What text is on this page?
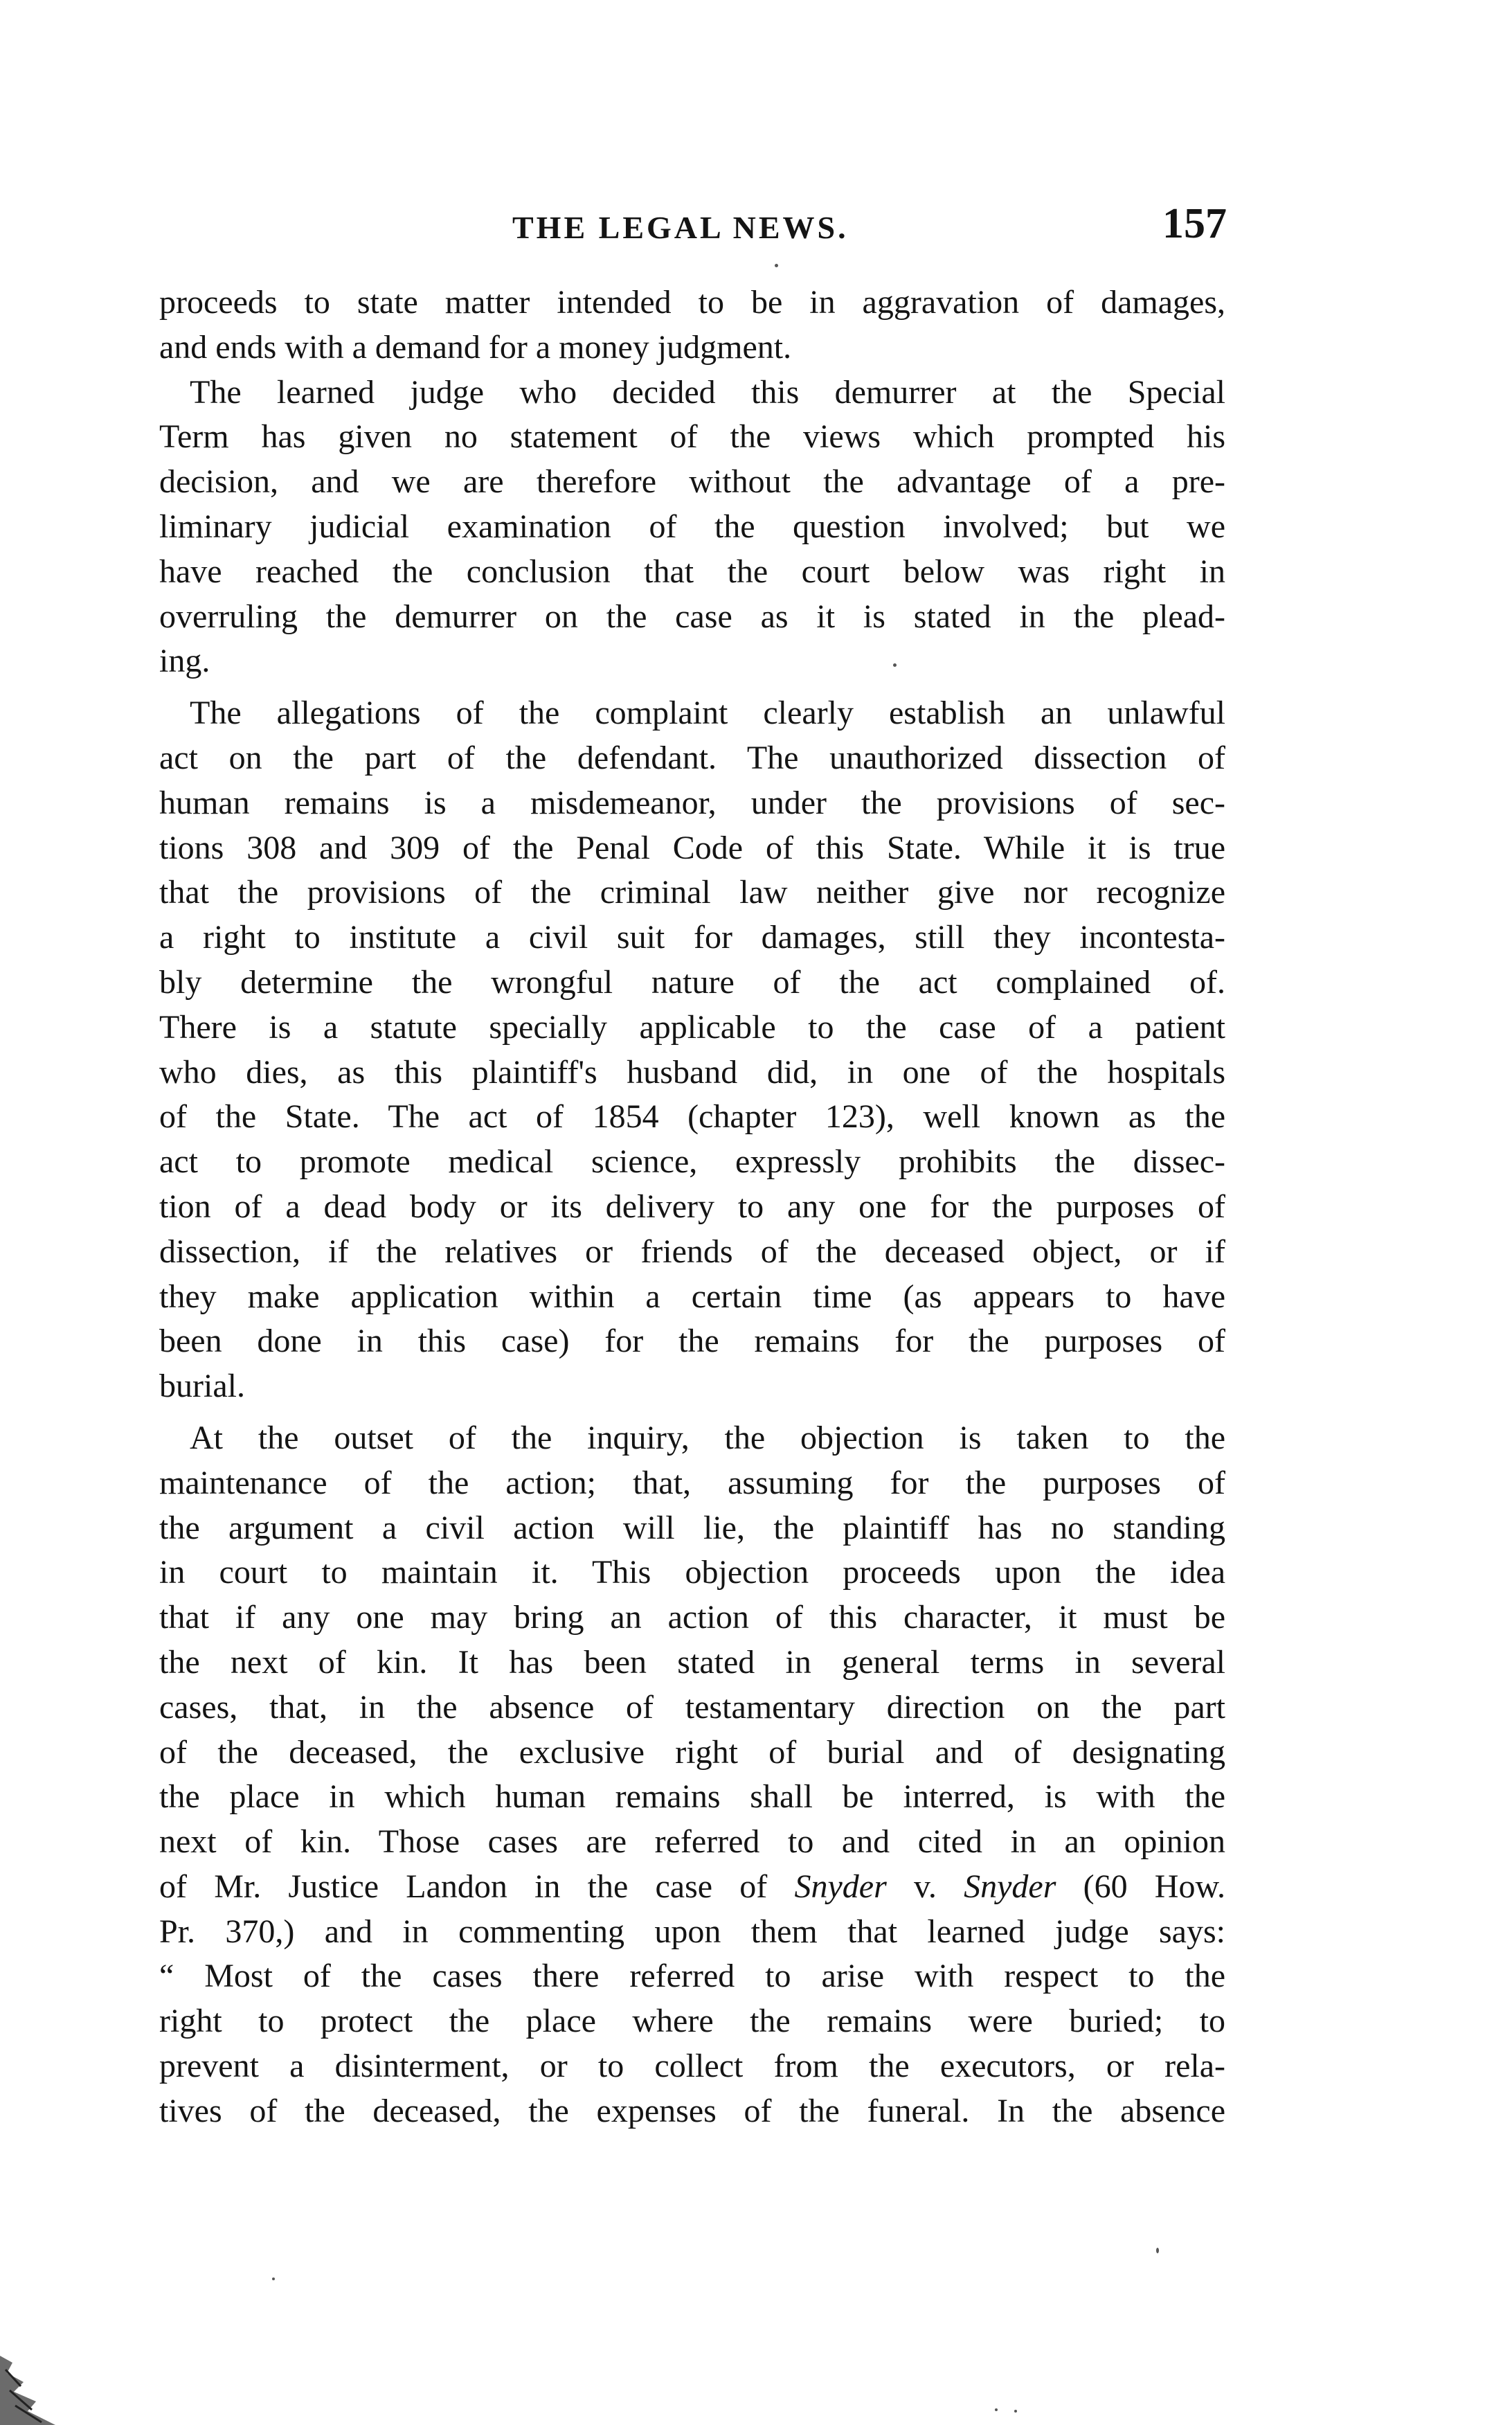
THE LEGAL NEWS.	157
proceeds to state matter intended to be in aggravation of damages,
and ends with a demand for a money judgment.
The learned judge who decided this demurrer at the Special
Term has given no statement of the views which prompted his
decision, and we are therefore without the advantage of a pre-
liminary judicial examination of the question involved; but we
have reached the conclusion that the court below was right in
overruling the demurrer on the case as it is stated in the plead-
ing.
The allegations of the complaint clearly establish an unlawful
act on the part of the defendant. The unauthorized dissection of
human remains is a misdemeanor, under the provisions of sec-
tions 308 and 309 of the Penal Code of this State. While it is true
that the provisions of the criminal law neither give nor recognize
a right to institute a civil suit for damages, still they incontesta-
bly determine the wrongful nature of the act complained of.
There is a statute specially applicable to the case of a patient
who dies, as this plaintiff's husband did, in one of the hospitals
of the State. The act of 1854 (chapter 123), well known as the
act to promote medical science, expressly prohibits the dissec-
tion of a dead body or its delivery to any one for the purposes of
dissection, if the relatives or friends of the deceased object, or if
they make application within a certain time (as appears to have
been done in this case) for the remains for the purposes of
burial.
At the outset of the inquiry, the objection is taken to the
maintenance of the action; that, assuming for the purposes of
the argument a civil action will lie, the plaintiff has no standing
in court to maintain it. This objection proceeds upon the idea
that if any one may bring an action of this character, it must be
the next of kin. It has been stated in general terms in several
cases, that, in the absence of testamentary direction on the part
of the deceased, the exclusive right of burial and of designating
the place in which human remains shall be interred, is with the
next of kin. Those cases are referred to and cited in an opinion
of Mr. Justice Landon in the case of Snyder v. Snyder (60 How.
Pr. 370,) and in commenting upon them that learned judge says:
“ Most of the cases there referred to arise with respect to the
right to protect the place where the remains were buried; to
prevent a disinterment, or to collect from the executors, or rela-
tives of the deceased, the expenses of the funeral. In the absence
